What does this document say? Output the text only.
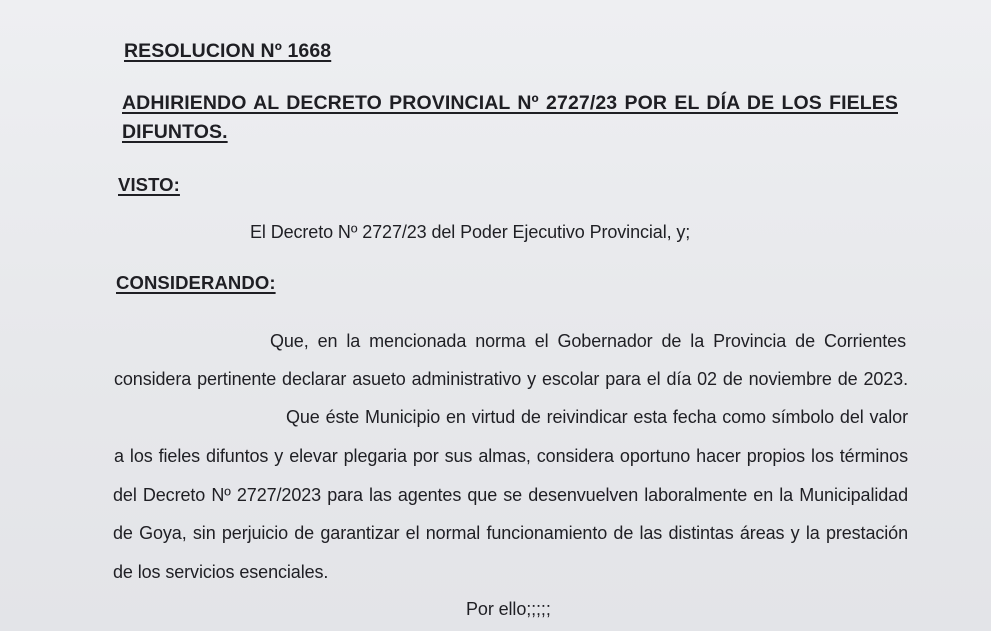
RESOLUCION Nº 1668
ADHIRIENDO AL DECRETO PROVINCIAL Nº 2727/23 POR EL DÍA DE LOS FIELES DIFUNTOS.
VISTO:
El Decreto Nº 2727/23 del Poder Ejecutivo Provincial, y;
CONSIDERANDO:
Que, en la mencionada norma el Gobernador de la Provincia de Corrientes
considera pertinente declarar asueto administrativo y escolar para el día 02 de noviembre de 2023.
Que éste Municipio en virtud de reivindicar esta fecha como símbolo del valor
a los fieles difuntos y elevar plegaria por sus almas, considera oportuno hacer propios los términos
del Decreto Nº 2727/2023 para las agentes que se desenvuelven laboralmente en la Municipalidad
de Goya, sin perjuicio de garantizar el normal funcionamiento de las distintas áreas y la prestación
de los servicios esenciales.
Por ello;;;;;
